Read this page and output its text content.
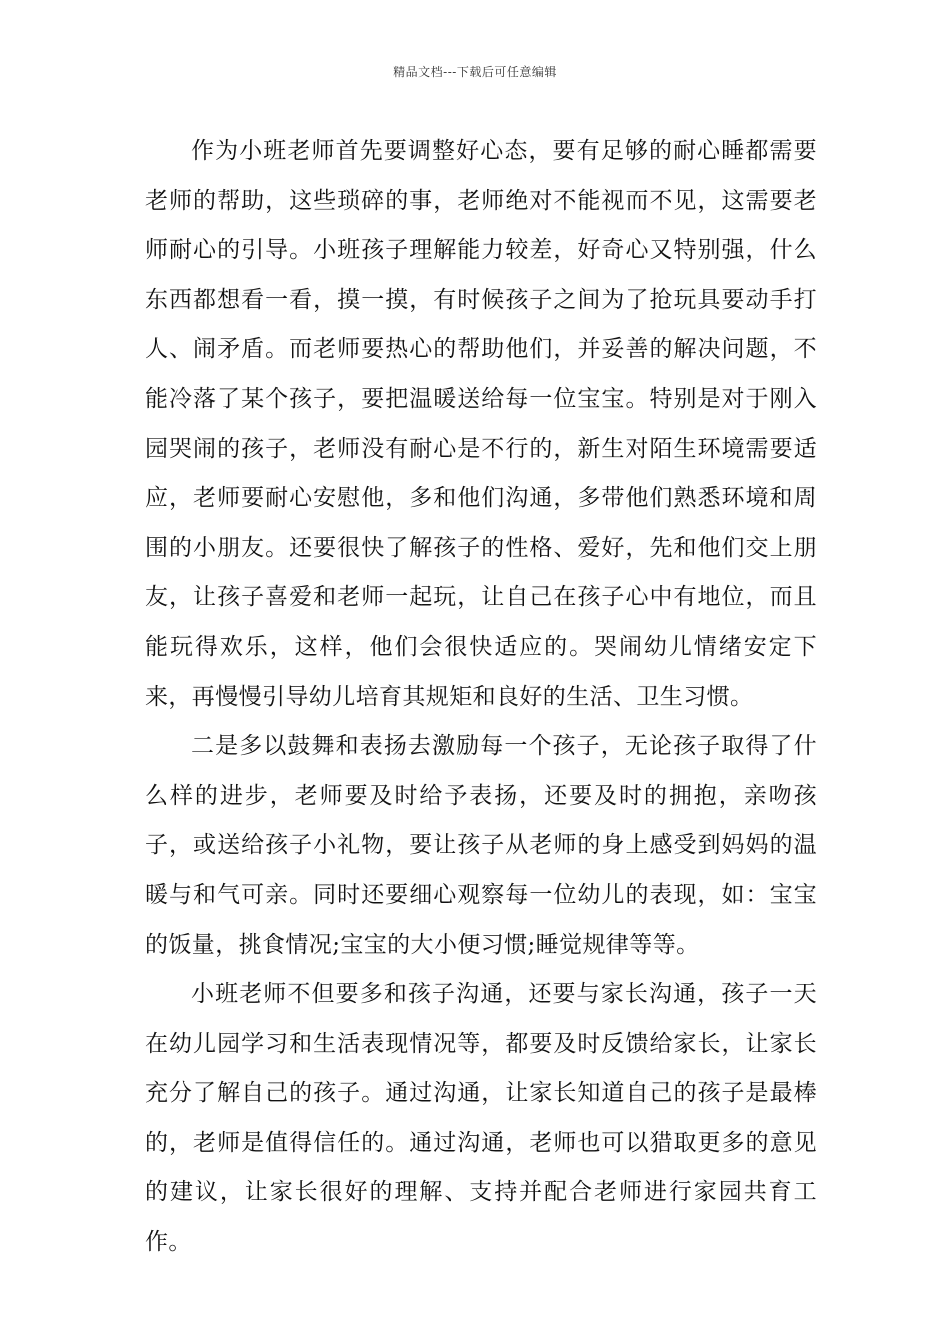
精品文档---下载后可任意编辑

作为小班老师首先要调整好心态，要有足够的耐心睡都需要老师的帮助，这些琐碎的事，老师绝对不能视而不见，这需要老师耐心的引导。小班孩子理解能力较差，好奇心又特别强，什么东西都想看一看，摸一摸，有时候孩子之间为了抢玩具要动手打人、闹矛盾。而老师要热心的帮助他们，并妥善的解决问题，不能冷落了某个孩子，要把温暖送给每一位宝宝。特别是对于刚入园哭闹的孩子，老师没有耐心是不行的，新生对陌生环境需要适应，老师要耐心安慰他，多和他们沟通，多带他们熟悉环境和周围的小朋友。还要很快了解孩子的性格、爱好，先和他们交上朋友，让孩子喜爱和老师一起玩，让自己在孩子心中有地位，而且能玩得欢乐，这样，他们会很快适应的。哭闹幼儿情绪安定下来，再慢慢引导幼儿培育其规矩和良好的生活、卫生习惯。

二是多以鼓舞和表扬去激励每一个孩子，无论孩子取得了什么样的进步，老师要及时给予表扬，还要及时的拥抱，亲吻孩子，或送给孩子小礼物，要让孩子从老师的身上感受到妈妈的温暖与和气可亲。同时还要细心观察每一位幼儿的表现，如：宝宝的饭量，挑食情况;宝宝的大小便习惯;睡觉规律等等。

小班老师不但要多和孩子沟通，还要与家长沟通，孩子一天在幼儿园学习和生活表现情况等，都要及时反馈给家长，让家长充分了解自己的孩子。通过沟通，让家长知道自己的孩子是最棒的，老师是值得信任的。通过沟通，老师也可以猎取更多的意见的建议，让家长很好的理解、支持并配合老师进行家园共育工作。
